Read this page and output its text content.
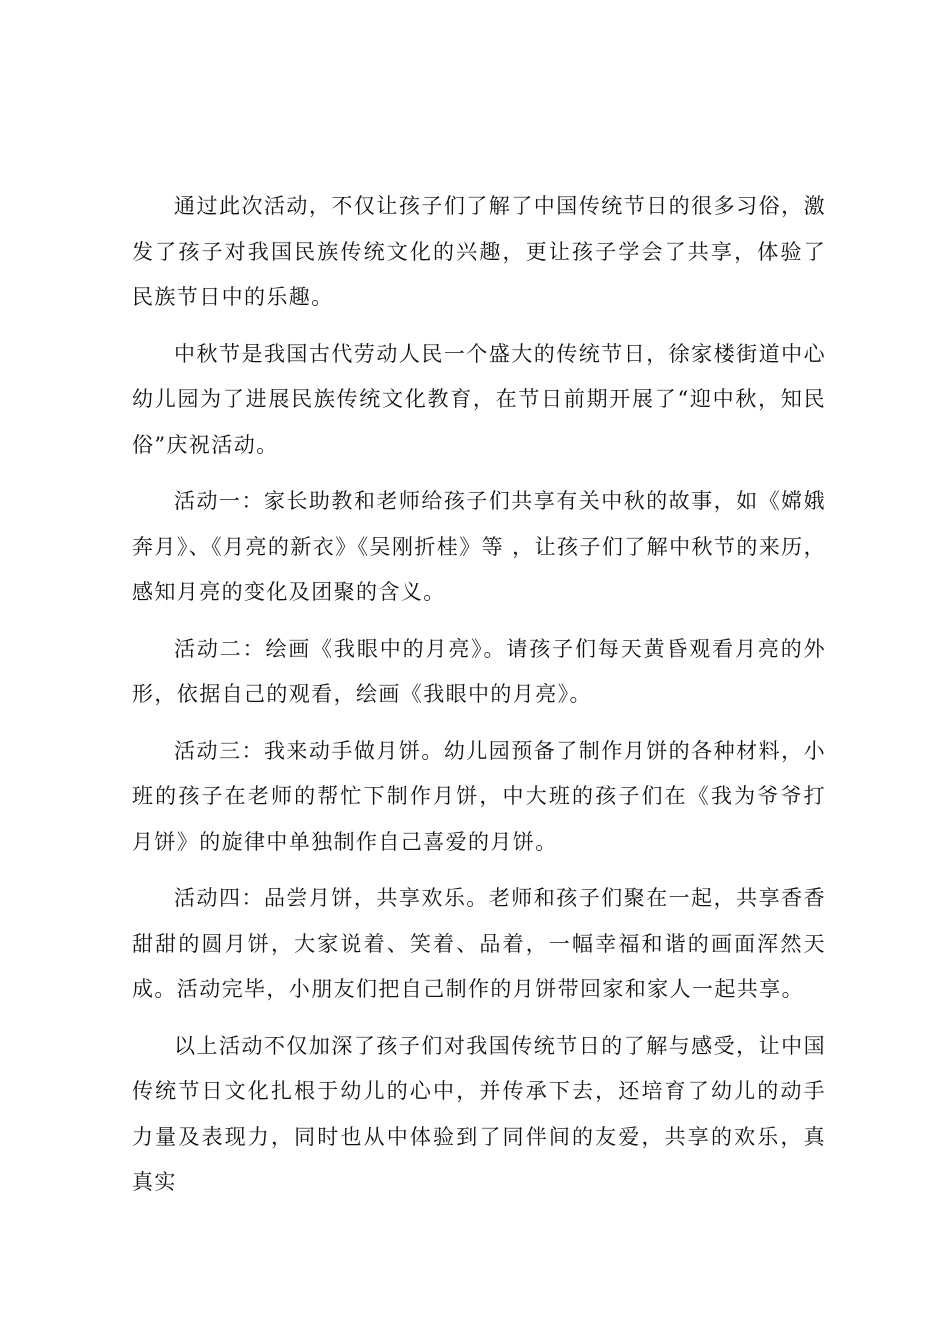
通过此次活动，不仅让孩子们了解了中国传统节日的很多习俗，激发了孩子对我国民族传统文化的兴趣，更让孩子学会了共享，体验了民族节日中的乐趣。

中秋节是我国古代劳动人民一个盛大的传统节日，徐家楼街道中心幼儿园为了进展民族传统文化教育，在节日前期开展了“迎中秋，知民俗”庆祝活动。

活动一：家长助教和老师给孩子们共享有关中秋的故事，如《嫦娥奔月》、《月亮的新衣》《吴刚折桂》等 ，让孩子们了解中秋节的来历，感知月亮的变化及团聚的含义。

活动二：绘画《我眼中的月亮》。请孩子们每天黄昏观看月亮的外形，依据自己的观看，绘画《我眼中的月亮》。

活动三：我来动手做月饼。幼儿园预备了制作月饼的各种材料，小班的孩子在老师的帮忙下制作月饼，中大班的孩子们在《我为爷爷打月饼》的旋律中单独制作自己喜爱的月饼。

活动四：品尝月饼，共享欢乐。老师和孩子们聚在一起，共享香香甜甜的圆月饼，大家说着、笑着、品着，一幅幸福和谐的画面浑然天成。活动完毕，小朋友们把自己制作的月饼带回家和家人一起共享。

以上活动不仅加深了孩子们对我国传统节日的了解与感受，让中国传统节日文化扎根于幼儿的心中，并传承下去，还培育了幼儿的动手力量及表现力，同时也从中体验到了同伴间的友爱，共享的欢乐，真真实
